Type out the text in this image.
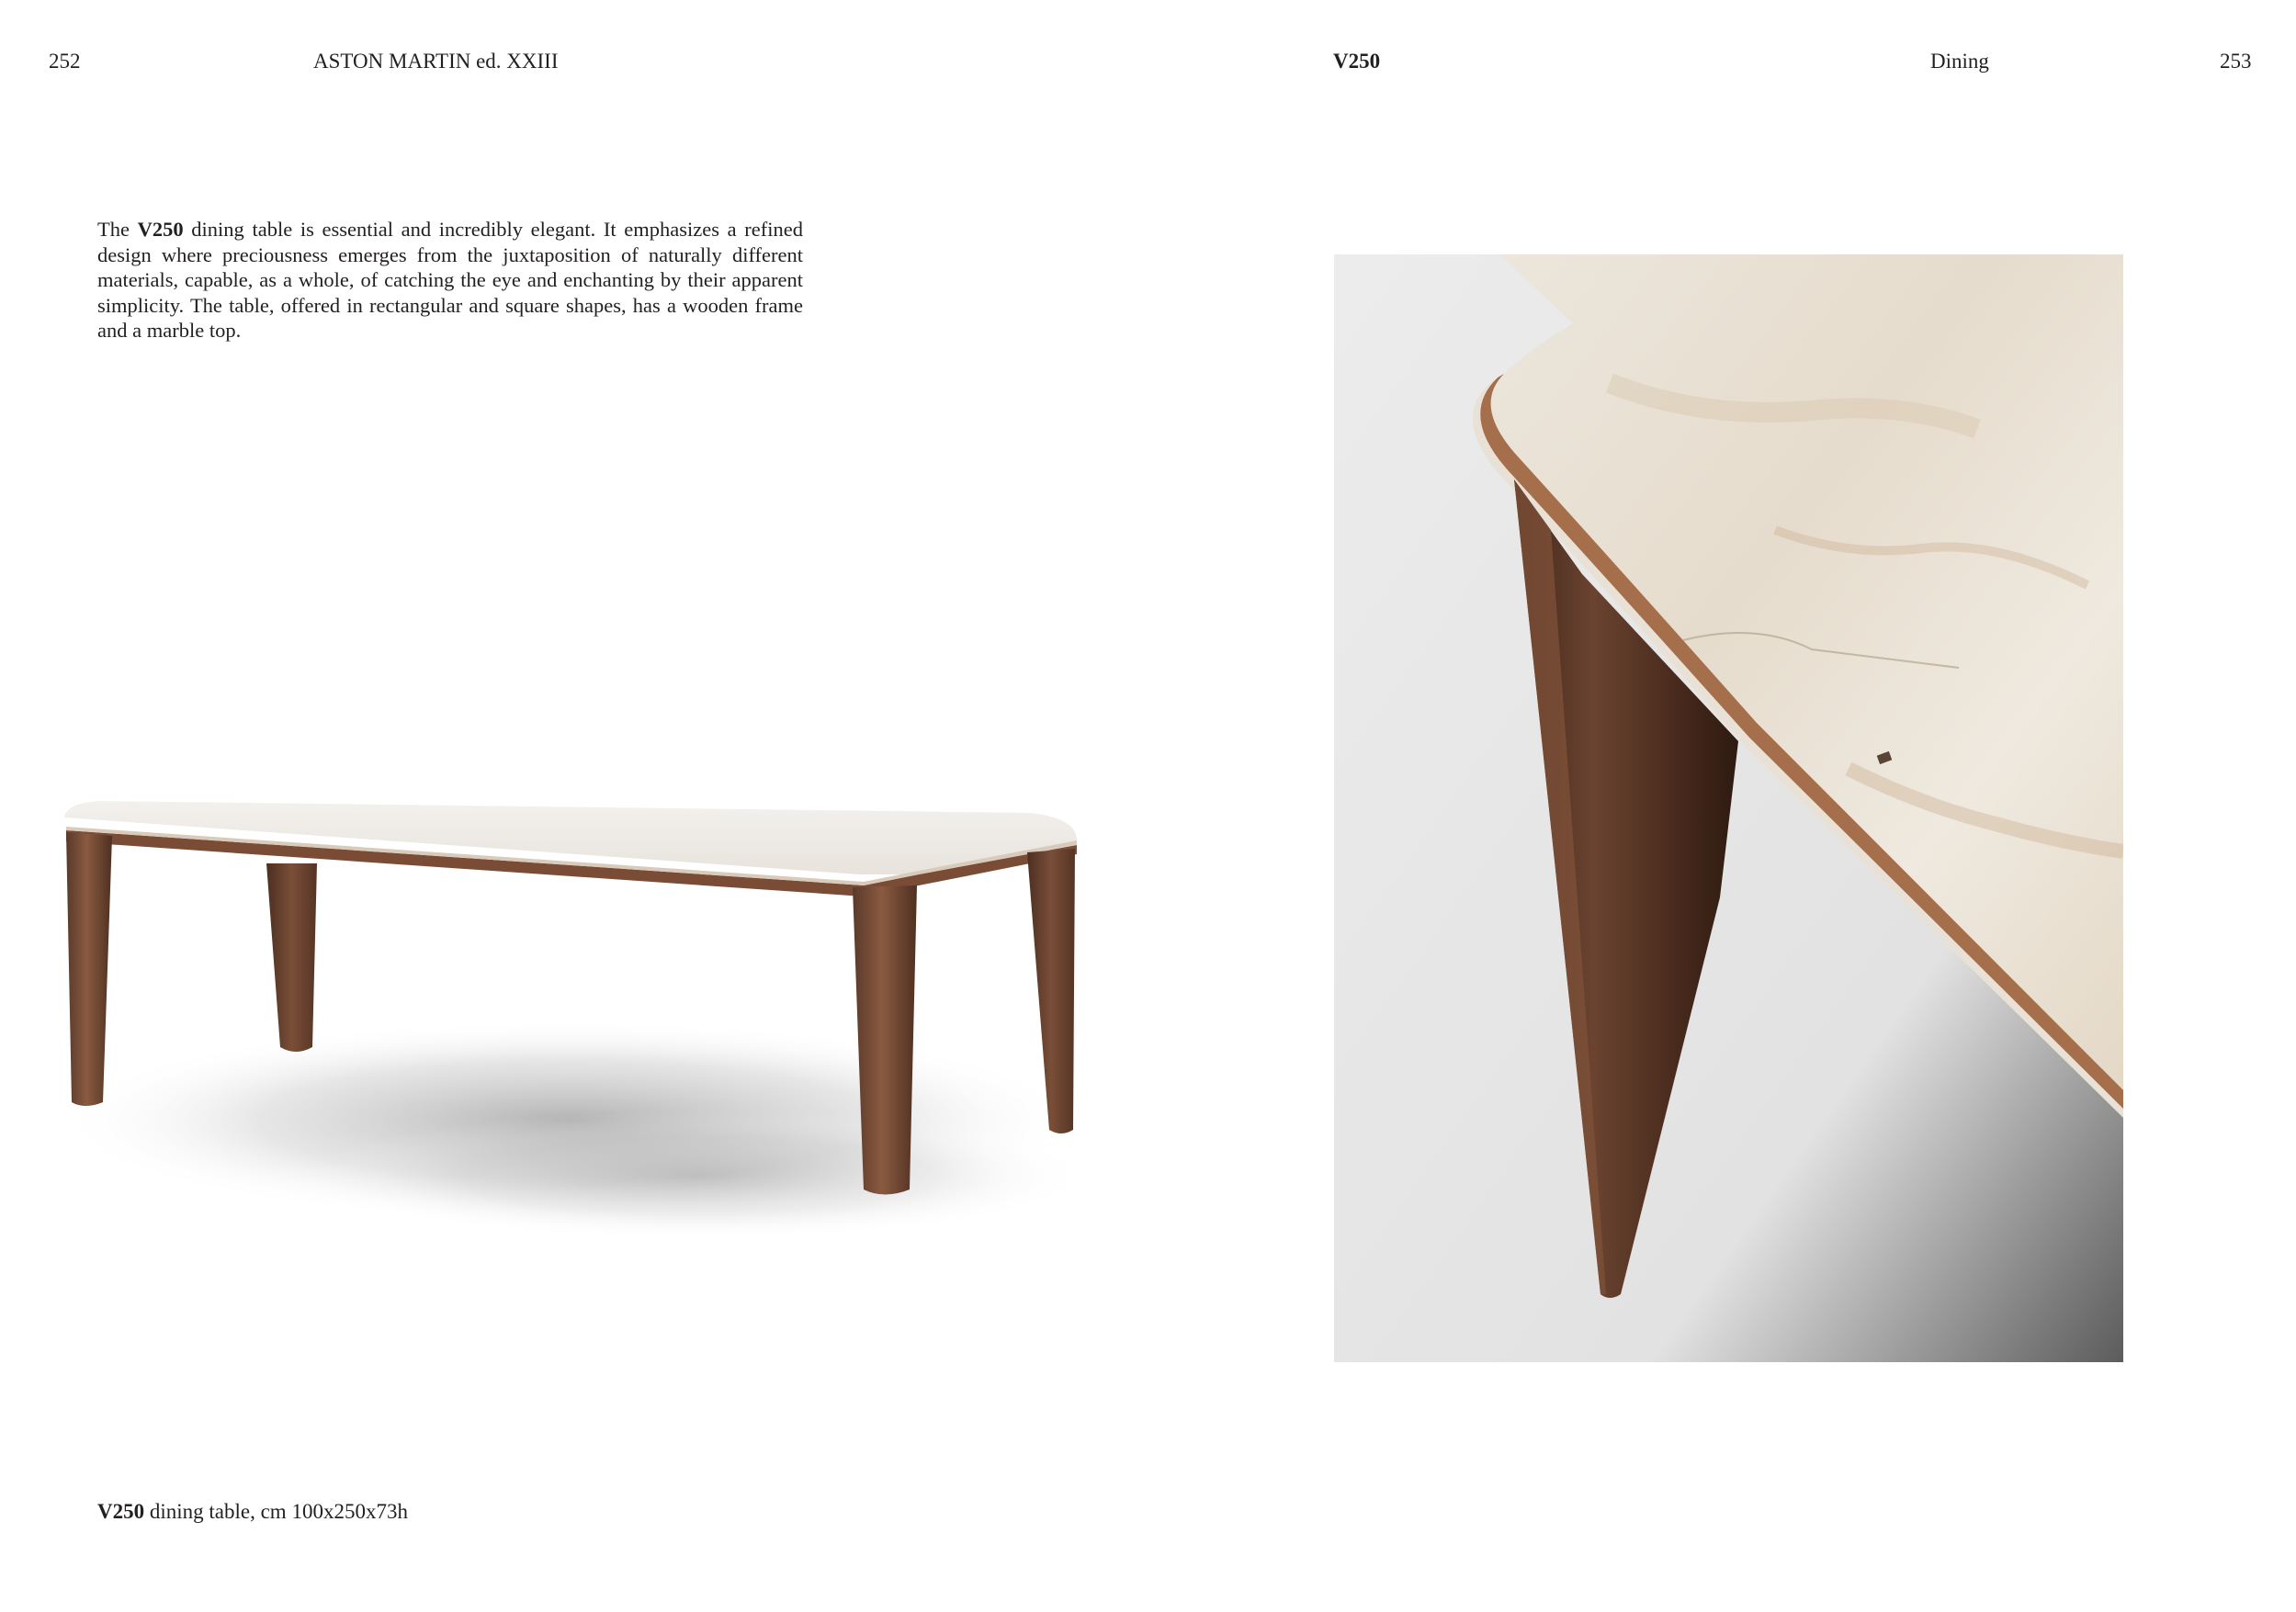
252	ASTON MARTIN ed. XXIII	V250	Dining	253

The V250 dining table is essential and incredibly elegant. It emphasizes a refined design where preciousness emerges from the juxtaposition of naturally different materials, capable, as a whole, of catching the eye and enchanting by their apparent simplicity. The table, offered in rectangular and square shapes, has a wooden frame and a marble top.

V250 dining table, cm 100x250x73h
